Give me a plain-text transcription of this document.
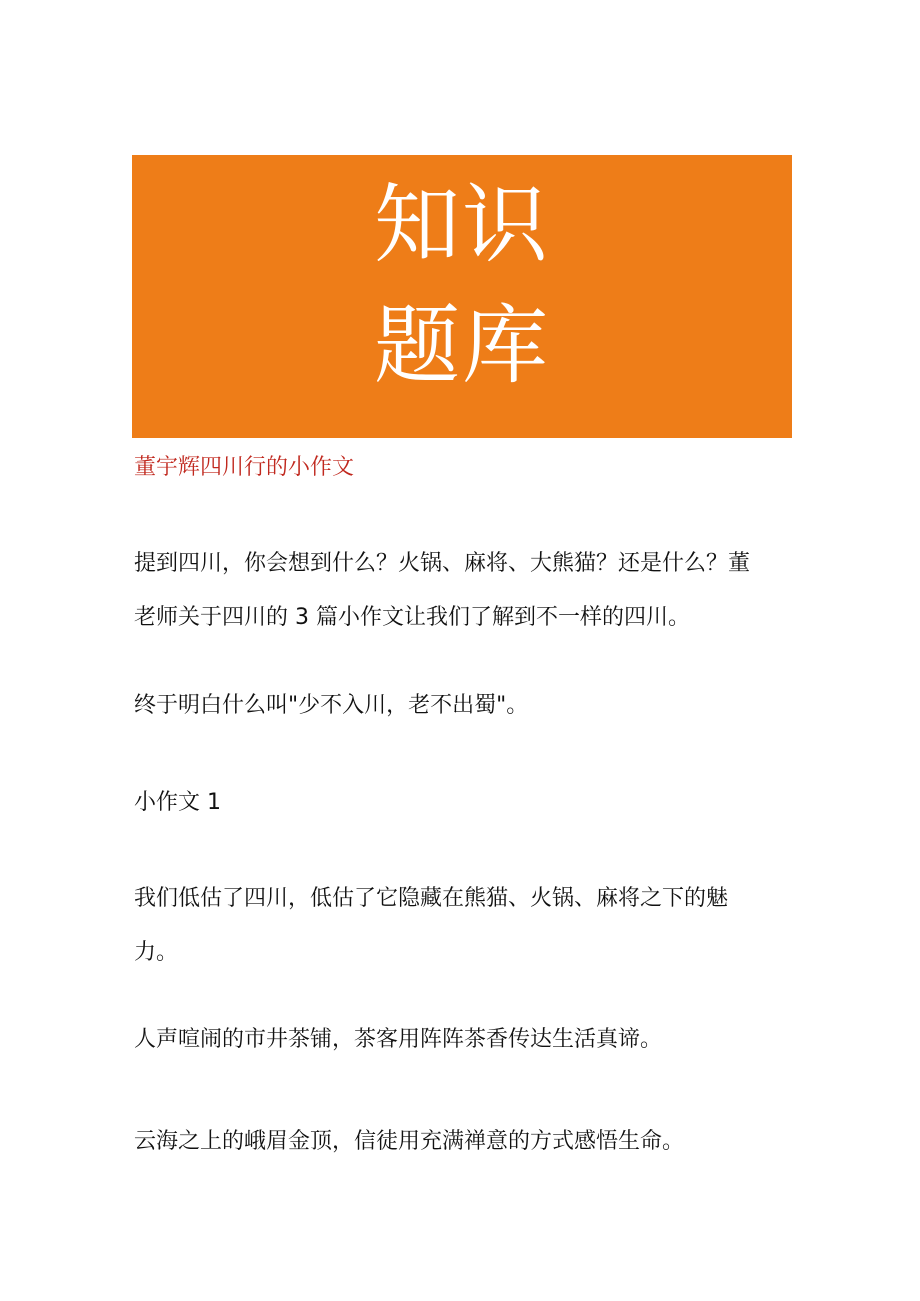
知识
题库
董宇辉四川行的小作文
提到四川，你会想到什么？火锅、麻将、大熊猫？还是什么？董
老师关于四川的 3 篇小作文让我们了解到不一样的四川。
终于明白什么叫"少不入川，老不出蜀"。
小作文 1
我们低估了四川，低估了它隐藏在熊猫、火锅、麻将之下的魅
力。
人声喧闹的市井茶铺，茶客用阵阵茶香传达生活真谛。
云海之上的峨眉金顶，信徒用充满禅意的方式感悟生命。
